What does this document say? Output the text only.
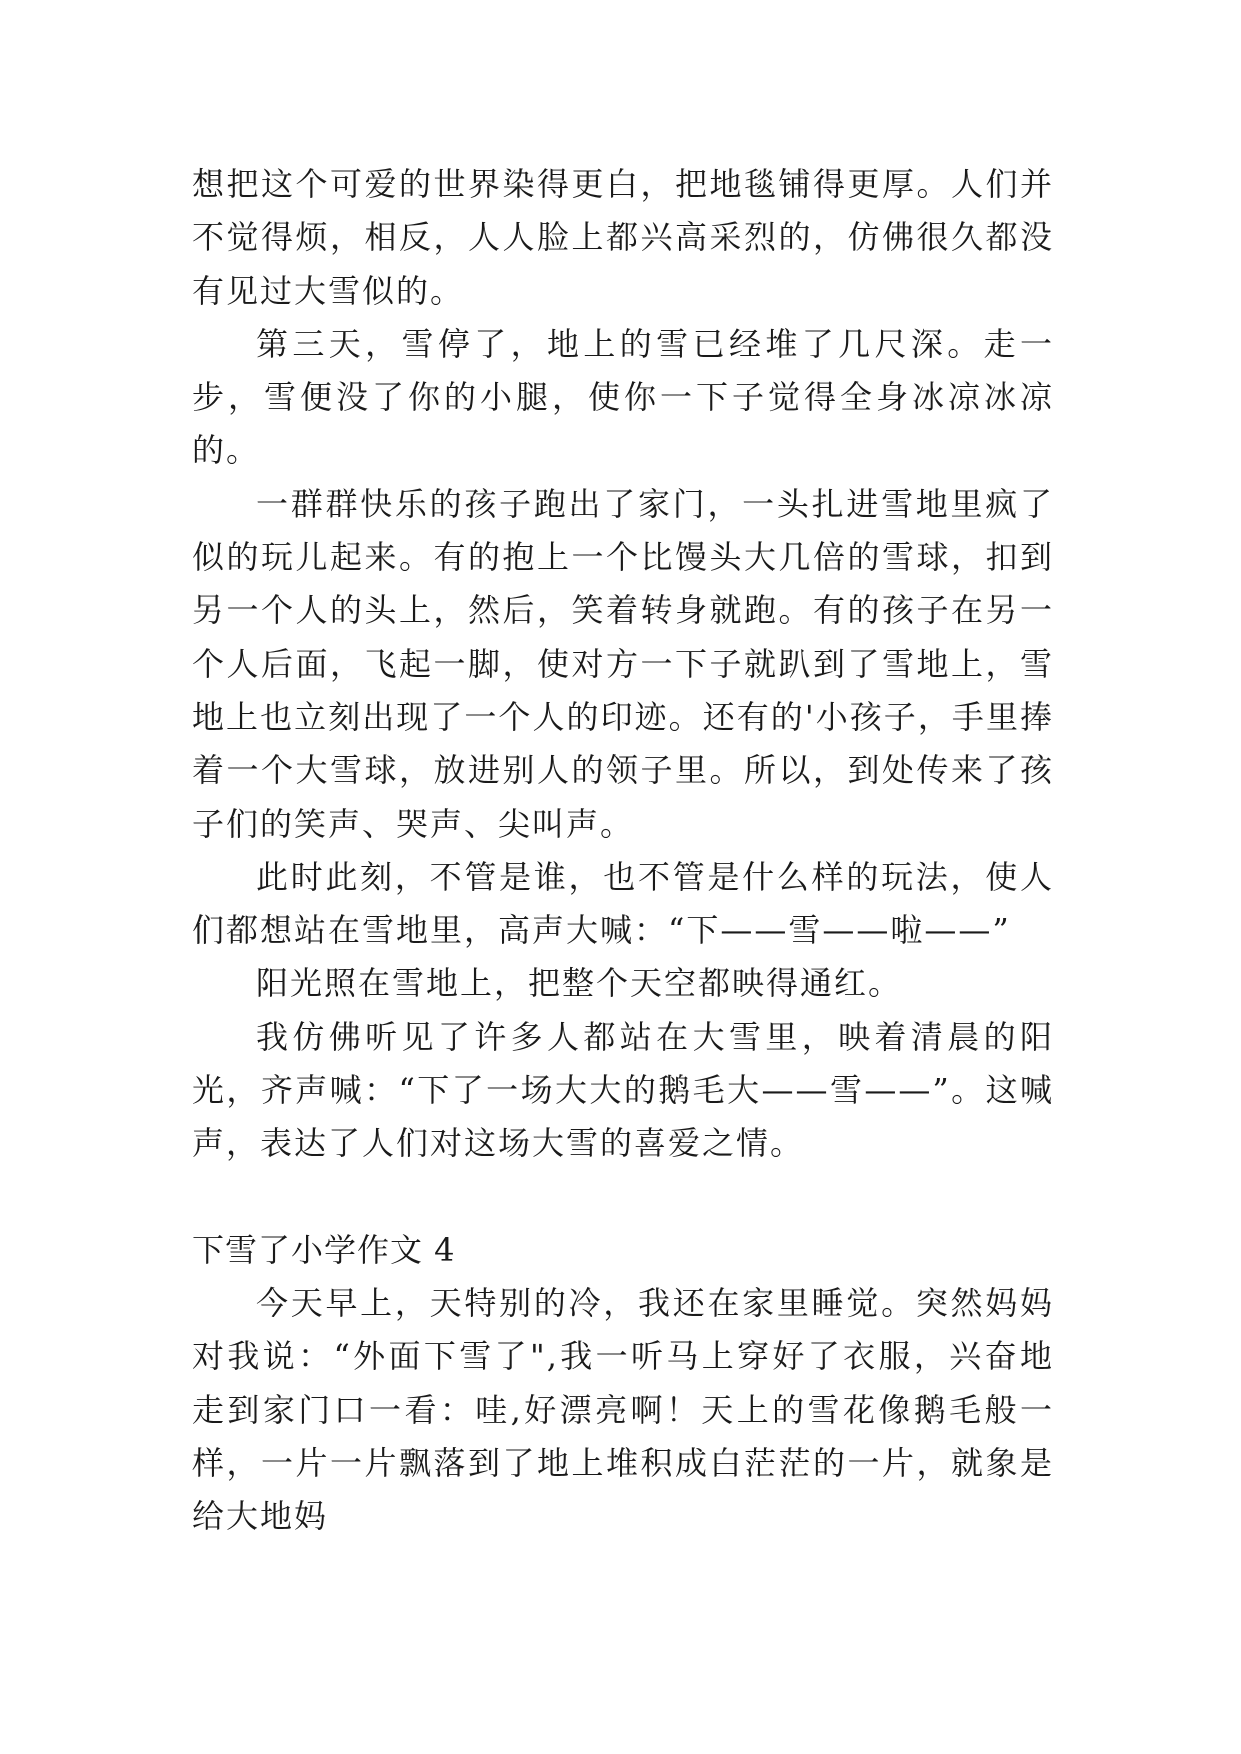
想把这个可爱的世界染得更白，把地毯铺得更厚。人们并不觉得烦，相反，人人脸上都兴高采烈的，仿佛很久都没有见过大雪似的。

第三天，雪停了，地上的雪已经堆了几尺深。走一步，雪便没了你的小腿，使你一下子觉得全身冰凉冰凉的。

一群群快乐的孩子跑出了家门，一头扎进雪地里疯了似的玩儿起来。有的抱上一个比馒头大几倍的雪球，扣到另一个人的头上，然后，笑着转身就跑。有的孩子在另一个人后面，飞起一脚，使对方一下子就趴到了雪地上，雪地上也立刻出现了一个人的印迹。还有的'小孩子，手里捧着一个大雪球，放进别人的领子里。所以，到处传来了孩子们的笑声、哭声、尖叫声。

此时此刻，不管是谁，也不管是什么样的玩法，使人们都想站在雪地里，高声大喊：“下——雪——啦——”

阳光照在雪地上，把整个天空都映得通红。

我仿佛听见了许多人都站在大雪里，映着清晨的阳光，齐声喊：“下了一场大大的鹅毛大——雪——”。这喊声，表达了人们对这场大雪的喜爱之情。

下雪了小学作文 4

今天早上，天特别的冷，我还在家里睡觉。突然妈妈对我说：“外面下雪了",我一听马上穿好了衣服，兴奋地走到家门口一看：哇,好漂亮啊！天上的雪花像鹅毛般一样，一片一片飘落到了地上堆积成白茫茫的一片，就象是给大地妈
